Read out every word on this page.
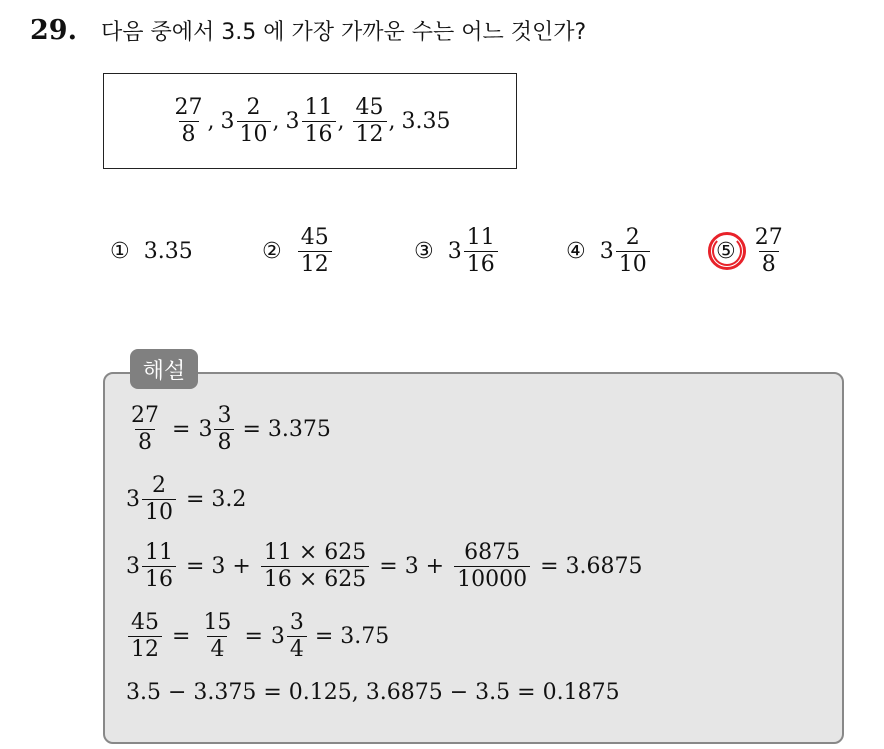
29. 다음 중에서 3.5 에 가장 가까운 수는 어느 것인가?
$\frac{27}{8}$ , $3 \frac{2}{10}$ , $3 \frac{11}{16}$ , $\frac{45}{12}$ , 3.35
① 3.35	② $\frac{45}{12}$	③ $3 \frac{11}{16}$	④ $3 \frac{2}{10}$	⑤ $\frac{27}{8}$
해설
$\frac{27}{8} = 3 \frac{3}{8} = 3.375$
$3 \frac{2}{10} = 3.2$
$3 \frac{11}{16} = 3 + \frac{11 \times 625}{16 \times 625} = 3 + \frac{6875}{10000} = 3.6875$
$\frac{45}{12} = \frac{15}{4} = 3 \frac{3}{4} = 3.75$
3.5 − 3.375 = 0.125, 3.6875 − 3.5 = 0.1875
